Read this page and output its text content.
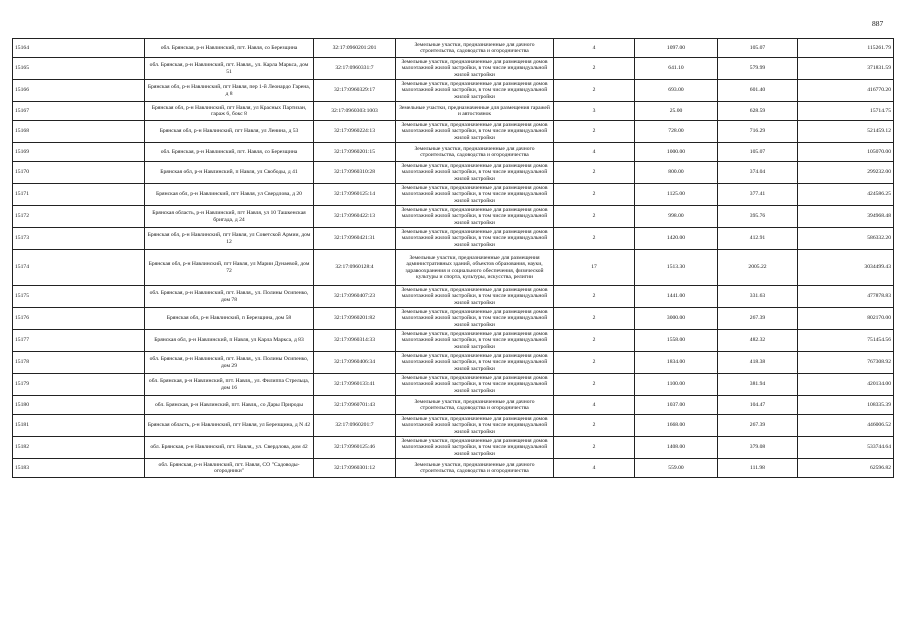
887
15164	обл. Брянская, р-н Навлинский, пгт. Навля, со Березщина	32:17:0960201:201	Земельные участки, предназначенные для дачного строительства, садоводства и огородничества	4	1097.00	105.07	115261.79
15165	обл. Брянская, р-н Навлинский, пгт. Навля,, ул. Карла Маркса, дом 51	32:17:0960331:7	Земельные участки, предназначенные для размещения домов малоэтажной жилой застройки, в том числе индивидуальной жилой застройки	2	641.10	579.99	371831.59
15166	Брянская обл, р-н Навлинский, пгт Навля, пер 1-й Леонардо Гарена, д 8	32:17:0960329:17	Земельные участки, предназначенные для размещения домов малоэтажной жилой застройки, в том числе индивидуальной жилой застройки	2	693.00	601.40	416770.20
15167	Брянская обл, р-н Навлинский, пгт Навля, ул Красных Партизан, гараж 6, бокс 8	32:17:0960303:1003	Земельные участки, предназначенные для размещения гаражей и автостоянок	3	25.00	628.59	15714.75
15168	Брянская обл, р-н Навлинский, пгт Навля, ул Ленина, д 53	32:17:0960224:13	Земельные участки, предназначенные для размещения домов малоэтажной жилой застройки, в том числе индивидуальной жилой застройки	2	728.00	716.29	521459.12
15169	обл. Брянская, р-н Навлинский, пгт. Навля, со Березщина	32:17:0960201:15	Земельные участки, предназначенные для дачного строительства, садоводства и огородничества	4	1000.00	105.07	105070.00
15170	Брянская обл, р-н Навлинский, п Навля, ул Свободы, д 41	32:17:0960310:28	Земельные участки, предназначенные для размещения домов малоэтажной жилой застройки, в том числе индивидуальной жилой застройки	2	800.00	374.04	299232.00
15171	Брянская обл, р-н Навлинский, пгт Навля, ул Свердлова, д 20	32:17:0960125:14	Земельные участки, предназначенные для размещения домов малоэтажной жилой застройки, в том числе индивидуальной жилой застройки	2	1125.00	377.41	424586.25
15172	Брянская область, р-н Навлинский, пгт Навля, ул 10 Ташкенская бригада, д 24	32:17:0960422:13	Земельные участки, предназначенные для размещения домов малоэтажной жилой застройки, в том числе индивидуальной жилой застройки	2	998.00	395.76	394968.48
15173	Брянская обл, р-н Навлинский, пгт Навля, ул Советской Армии, дом 12	32:17:0960421:31	Земельные участки, предназначенные для размещения домов малоэтажной жилой застройки, в том числе индивидуальной жилой застройки	2	1420.00	412.91	586332.20
15174	Брянская обл, р-н Навлинский, пгт Навля, ул Марии Дунаевой, дом 72	32:17:0960128:4	Земельные участки, предназначенные для размещения административных зданий, объектов образования, науки, здравоохранения и социального обеспечения, физической культуры и спорта, культуры, искусства, религии	17	1513.30	2005.22	3034499.43
15175	обл. Брянская, р-н Навлинский, пгт. Навля,, ул. Полины Осипенко, дом 78	32:17:0960407:23	Земельные участки, предназначенные для размещения домов малоэтажной жилой застройки, в том числе индивидуальной жилой застройки	2	1441.00	331.63	477878.83
15176	Брянская обл, р-н Навлинский, п Березщина, дом 58	32:17:0960201:82	Земельные участки, предназначенные для размещения домов малоэтажной жилой застройки, в том числе индивидуальной жилой застройки	2	3000.00	267.39	802170.00
15177	Брянская обл, р-н Навлинский, п Навля, ул Карла Маркса, д 83	32:17:0960314:33	Земельные участки, предназначенные для размещения домов малоэтажной жилой застройки, в том числе индивидуальной жилой застройки	2	1558.00	482.32	751454.56
15178	обл. Брянская, р-н Навлинский, пгт. Навля,, ул. Полины Осипенко, дом 29	32:17:0960406:34	Земельные участки, предназначенные для размещения домов малоэтажной жилой застройки, в том числе индивидуальной жилой застройки	2	1834.00	418.38	767308.92
15179	обл. Брянская, р-н Навлинский, пгт. Навля,, ул. Филиппа Стрельца, дом 16	32:17:0960133:41	Земельные участки, предназначенные для размещения домов малоэтажной жилой застройки, в том числе индивидуальной жилой застройки	2	1100.00	381.94	420134.00
15180	обл. Брянская, р-н Навлинский, пгт. Навля,, со Дары Природы	32:17:0960701:43	Земельные участки, предназначенные для дачного строительства, садоводства и огородничества	4	1037.00	104.47	108335.39
15181	Брянская область, р-н Навлинский, пгт Навля, ул Березщина, д N 42	32:17:0960201:7	Земельные участки, предназначенные для размещения домов малоэтажной жилой застройки, в том числе индивидуальной жилой застройки	2	1668.00	267.39	446006.52
15182	обл. Брянская, р-н Навлинский, пгт. Навля,, ул. Свердлова, дом 42	32:17:0960125:46	Земельные участки, предназначенные для размещения домов малоэтажной жилой застройки, в том числе индивидуальной жилой застройки	2	1408.00	379.08	533744.64
15183	обл. Брянская, р-н Навлинский, пгт. Навля, СО "Садоводы-огородники"	32:17:0960301:12	Земельные участки, предназначенные для дачного строительства, садоводства и огородничества	4	559.00	111.98	62596.82
